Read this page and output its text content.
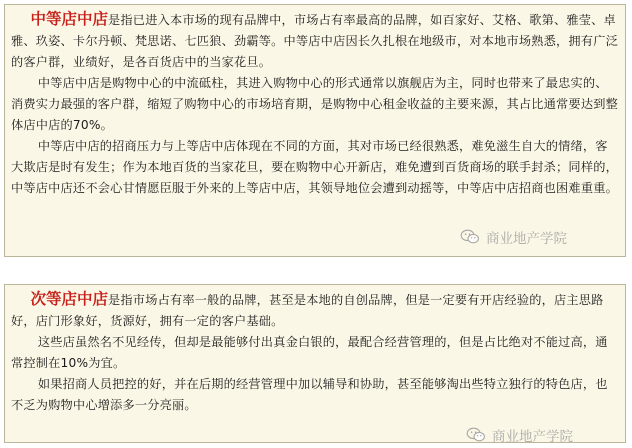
中等店中店是指已进入本市场的现有品牌中，市场占有率最高的品牌，如百家好、艾格、歌第、雅莹、卓雅、玖姿、卡尔丹顿、梵思诺、七匹狼、劲霸等。中等店中店因长久扎根在地级市，对本地市场熟悉，拥有广泛的客户群，业绩好，是各百货店中的当家花旦。

中等店中店是购物中心的中流砥柱，其进入购物中心的形式通常以旗舰店为主，同时也带来了最忠实的、消费实力最强的客户群，缩短了购物中心的市场培育期，是购物中心租金收益的主要来源，其占比通常要达到整体店中店的70%。

中等店中店的招商压力与上等店中店体现在不同的方面，其对市场已经很熟悉，难免滋生自大的情绪，客大欺店是时有发生；作为本地百货的当家花旦，要在购物中心开新店，难免遭到百货商场的联手封杀；同样的，中等店中店还不会心甘情愿臣服于外来的上等店中店，其领导地位会遭到动摇等，中等店中店招商也困难重重。

商业地产学院

次等店中店是指市场占有率一般的品牌，甚至是本地的自创品牌，但是一定要有开店经验的，店主思路好，店门形象好，货源好，拥有一定的客户基础。

这些店虽然名不见经传，但却是最能够付出真金白银的，最配合经营管理的，但是占比绝对不能过高，通常控制在10%为宜。

如果招商人员把控的好，并在后期的经营管理中加以辅导和协助，甚至能够淘出些特立独行的特色店，也不乏为购物中心增添多一分亮丽。

商业地产学院
